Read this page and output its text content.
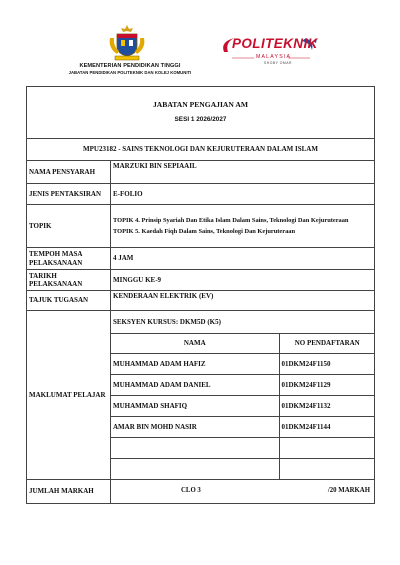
KEMENTERIAN PENDIDIKAN TINGGI
JABATAN PENDIDIKAN POLITEKNIK DAN KOLEJ KOMUNITI
POLITEKNIK
MALAYSIA
SHOBY OMAR
JABATAN PENGAJIAN AM
SESI 1 2026/2027

MPU23182 - SAINS TEKNOLOGI DAN KEJURUTERAAN DALAM ISLAM
NAMA PENSYARAH	MARZUKI BIN SEPIAAIL
JENIS PENTAKSIRAN	E-FOLIO
TOPIK	
TOPIK 4. Prinsip Syariah Dan Etika Islam Dalam Sains, Teknologi Dan Kejuruteraan
TOPIK 5. Kaedah Fiqh Dalam Sains, Teknologi Dan Kejuruteraan

TEMPOH MASA PELAKSANAAN	4 JAM
TARIKH PELAKSANAAN	MINGGU KE-9
TAJUK TUGASAN	KENDERAAN ELEKTRIK (EV)
MAKLUMAT PELAJAR	
SEKSYEN KURSUS: DKM5D (K5)
NAMA	NO PENDAFTARAN
MUHAMMAD ADAM HAFIZ	01DKM24F1150
MUHAMMAD ADAM DANIEL	01DKM24F1129
MUHAMMAD SHAFIQ	01DKM24F1132
AMAR BIN MOHD NASIR	01DKM24F1144

JUMLAH MARKAH	CLO 3	/20 MARKAH
